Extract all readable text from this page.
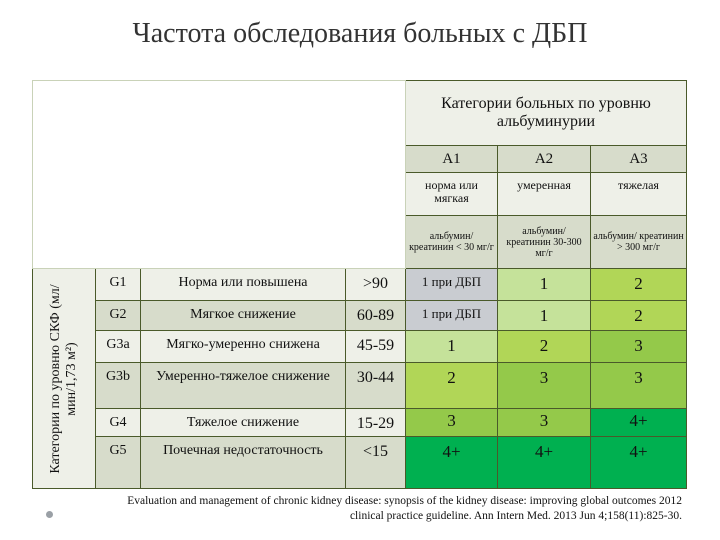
Частота обследования больных с ДБП
				Категории больных по уровню альбуминурии		
				A1	A2	A3
				норма или мягкая	умеренная	тяжелая
				альбумин/ креатинин < 30 мг/г	альбумин/ креатинин 30-300 мг/г	альбумин/ креатинин > 300 мг/г

Категории по уровню СКФ (мл/мин/1,73 м²)	G1	Норма или повышена	>90	1 при ДБП	1	2
	G2	Мягкое снижение	60-89	1 при ДБП	1	2
	G3a	Мягко-умеренно снижена	45-59	1	2	3
	G3b	Умеренно-тяжелое снижение	30-44	2	3	3
	G4	Тяжелое снижение	15-29	3	3	4+
	G5	Почечная недостаточность	<15	4+	4+	4+
Evaluation and management of chronic kidney disease: synopsis of the kidney disease: improving global outcomes 2012 clinical practice guideline. Ann Intern Med. 2013 Jun 4;158(11):825-30.
